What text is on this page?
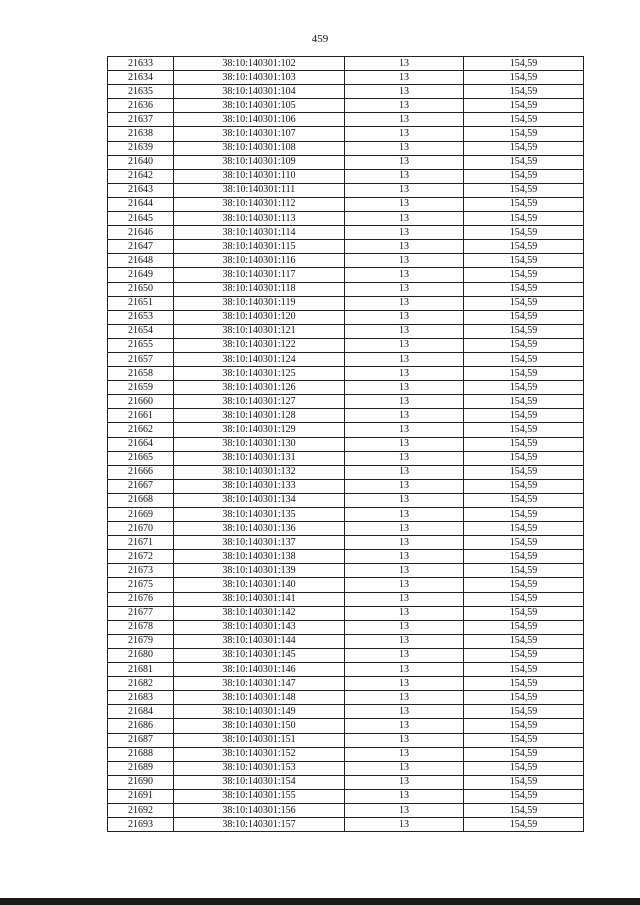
459
21633	38:10:140301:102	13	154,59
21634	38:10:140301:103	13	154,59
21635	38:10:140301:104	13	154,59
21636	38:10:140301:105	13	154,59
21637	38:10:140301:106	13	154,59
21638	38:10:140301:107	13	154,59
21639	38:10:140301:108	13	154,59
21640	38:10:140301:109	13	154,59
21642	38:10:140301:110	13	154,59
21643	38:10:140301:111	13	154,59
21644	38:10:140301:112	13	154,59
21645	38:10:140301:113	13	154,59
21646	38:10:140301:114	13	154,59
21647	38:10:140301:115	13	154,59
21648	38:10:140301:116	13	154,59
21649	38:10:140301:117	13	154,59
21650	38:10:140301:118	13	154,59
21651	38:10:140301:119	13	154,59
21653	38:10:140301:120	13	154,59
21654	38:10:140301:121	13	154,59
21655	38:10:140301:122	13	154,59
21657	38:10:140301:124	13	154,59
21658	38:10:140301:125	13	154,59
21659	38:10:140301:126	13	154,59
21660	38:10:140301:127	13	154,59
21661	38:10:140301:128	13	154,59
21662	38:10:140301:129	13	154,59
21664	38:10:140301:130	13	154,59
21665	38:10:140301:131	13	154,59
21666	38:10:140301:132	13	154,59
21667	38:10:140301:133	13	154,59
21668	38:10:140301:134	13	154,59
21669	38:10:140301:135	13	154,59
21670	38:10:140301:136	13	154,59
21671	38:10:140301:137	13	154,59
21672	38:10:140301:138	13	154,59
21673	38:10:140301:139	13	154,59
21675	38:10:140301:140	13	154,59
21676	38:10:140301:141	13	154,59
21677	38:10:140301:142	13	154,59
21678	38:10:140301:143	13	154,59
21679	38:10:140301:144	13	154,59
21680	38:10:140301:145	13	154,59
21681	38:10:140301:146	13	154,59
21682	38:10:140301:147	13	154,59
21683	38:10:140301:148	13	154,59
21684	38:10:140301:149	13	154,59
21686	38:10:140301:150	13	154,59
21687	38:10:140301:151	13	154,59
21688	38:10:140301:152	13	154,59
21689	38:10:140301:153	13	154,59
21690	38:10:140301:154	13	154,59
21691	38:10:140301:155	13	154,59
21692	38:10:140301:156	13	154,59
21693	38:10:140301:157	13	154,59
